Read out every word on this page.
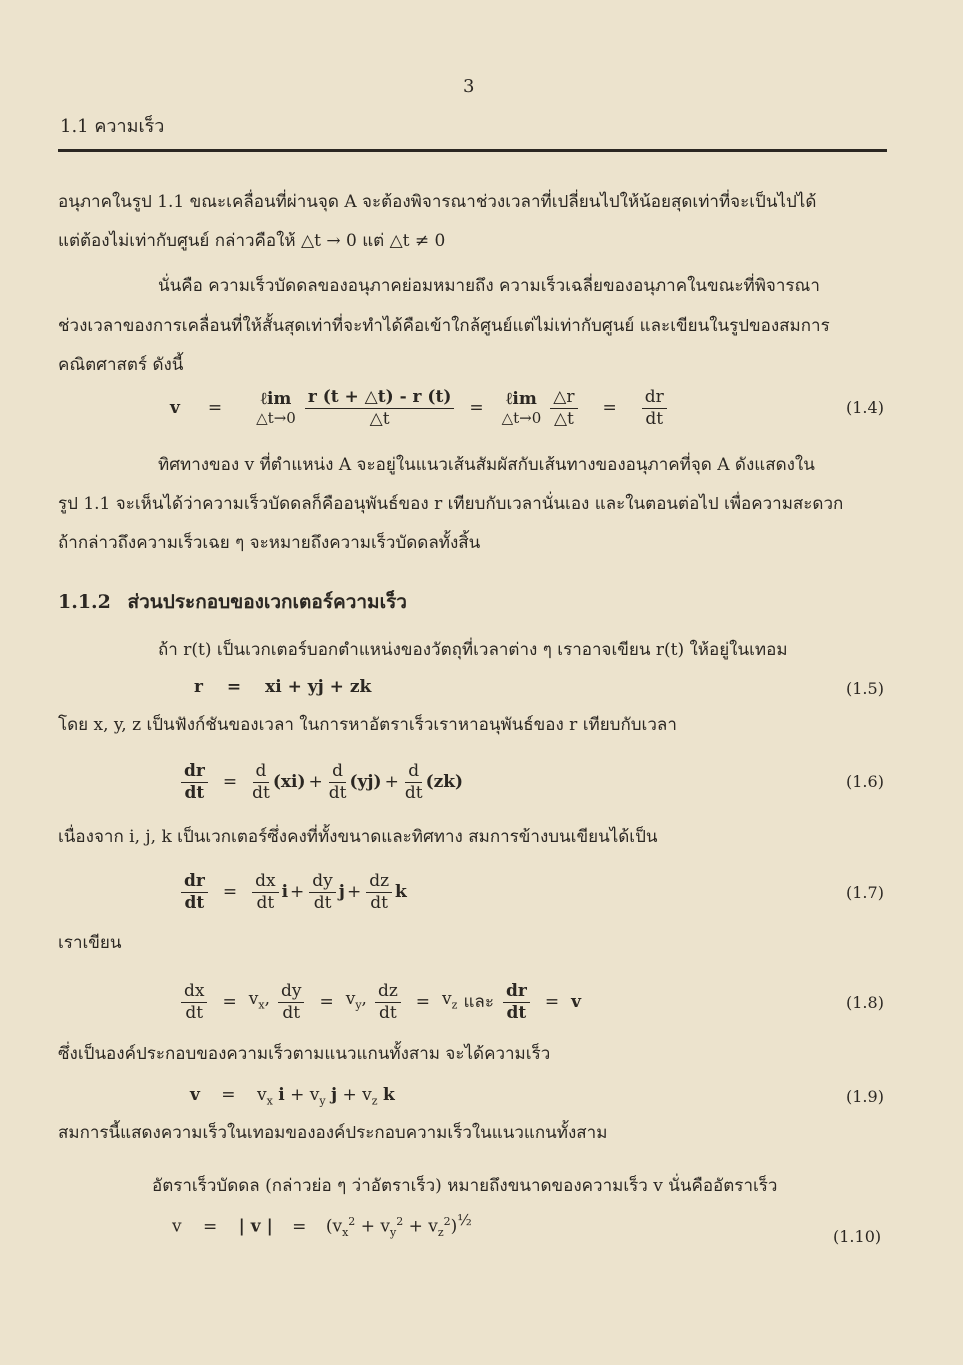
3
1.1 ความเร็ว
อนุภาคในรูป 1.1 ขณะเคลื่อนที่ผ่านจุด A จะต้องพิจารณาช่วงเวลาที่เปลี่ยนไปให้น้อยสุดเท่าที่จะเป็นไปได้
แต่ต้องไม่เท่ากับศูนย์ กล่าวคือให้ △t → 0 แต่ △t ≠ 0
นั่นคือ ความเร็วบัดดลของอนุภาคย่อมหมายถึง ความเร็วเฉลี่ยของอนุภาคในขณะที่พิจารณา
ช่วงเวลาของการเคลื่อนที่ให้สั้นสุดเท่าที่จะทำได้คือเข้าใกล้ศูนย์แต่ไม่เท่ากับศูนย์ และเขียนในรูปของสมการ
คณิตศาสตร์ ดังนี้
v = ℓim
△t→0 $\frac{r (t + \triangle t) - r (t)}{\triangle t}$ = ℓim
△t→0 $\frac{\triangle r}{\triangle t} = \frac{dr}{dt}$	(1.4)
ทิศทางของ v ที่ตำแหน่ง A จะอยู่ในแนวเส้นสัมผัสกับเส้นทางของอนุภาคที่จุด A ดังแสดงใน
รูป 1.1 จะเห็นได้ว่าความเร็วบัดดลก็คืออนุพันธ์ของ r เทียบกับเวลานั่นเอง และในตอนต่อไป เพื่อความสะดวก
ถ้ากล่าวถึงความเร็วเฉย ๆ จะหมายถึงความเร็วบัดดลทั้งสิ้น
1.1.2 ส่วนประกอบของเวกเตอร์ความเร็ว
ถ้า r(t) เป็นเวกเตอร์บอกตำแหน่งของวัตถุที่เวลาต่าง ๆ เราอาจเขียน r(t) ให้อยู่ในเทอม
r = xi + yj + zk	(1.5)
โดย x, y, z เป็นฟังก์ชันของเวลา ในการหาอัตราเร็วเราหาอนุพันธ์ของ r เทียบกับเวลา
$\frac{dr}{dt} = \frac{d}{dt} (xi) + \frac{d}{dt} (yj) + \frac{d}{dt} (zk)$	(1.6)
เนื่องจาก i, j, k เป็นเวกเตอร์ซึ่งคงที่ทั้งขนาดและทิศทาง สมการข้างบนเขียนได้เป็น
$\frac{dr}{dt} = \frac{dx}{dt}$ $i + \frac{dy}{dt}$ $j + \frac{dz}{dt}$ k	(1.7)
เราเขียน
$\frac{dx}{dt} = v_x$, $\frac{dy}{dt} = v_y$, $\frac{dz}{dt} = v_z$ และ $\frac{dr}{dt} = v$	(1.8)
ซึ่งเป็นองค์ประกอบของความเร็วตามแนวแกนทั้งสาม จะได้ความเร็ว
$v = v_x$ $i + v_y$ $j + v_z$ k	(1.9)
สมการนี้แสดงความเร็วในเทอมขององค์ประกอบความเร็วในแนวแกนทั้งสาม
อัตราเร็วบัดดล (กล่าวย่อ ๆ ว่าอัตราเร็ว) หมายถึงขนาดของความเร็ว v นั่นคืออัตราเร็ว
v = | v | = $(v_x^2 + v_y^2 + v_z^2)^{\frac{1}{2}}$
(1.10)
